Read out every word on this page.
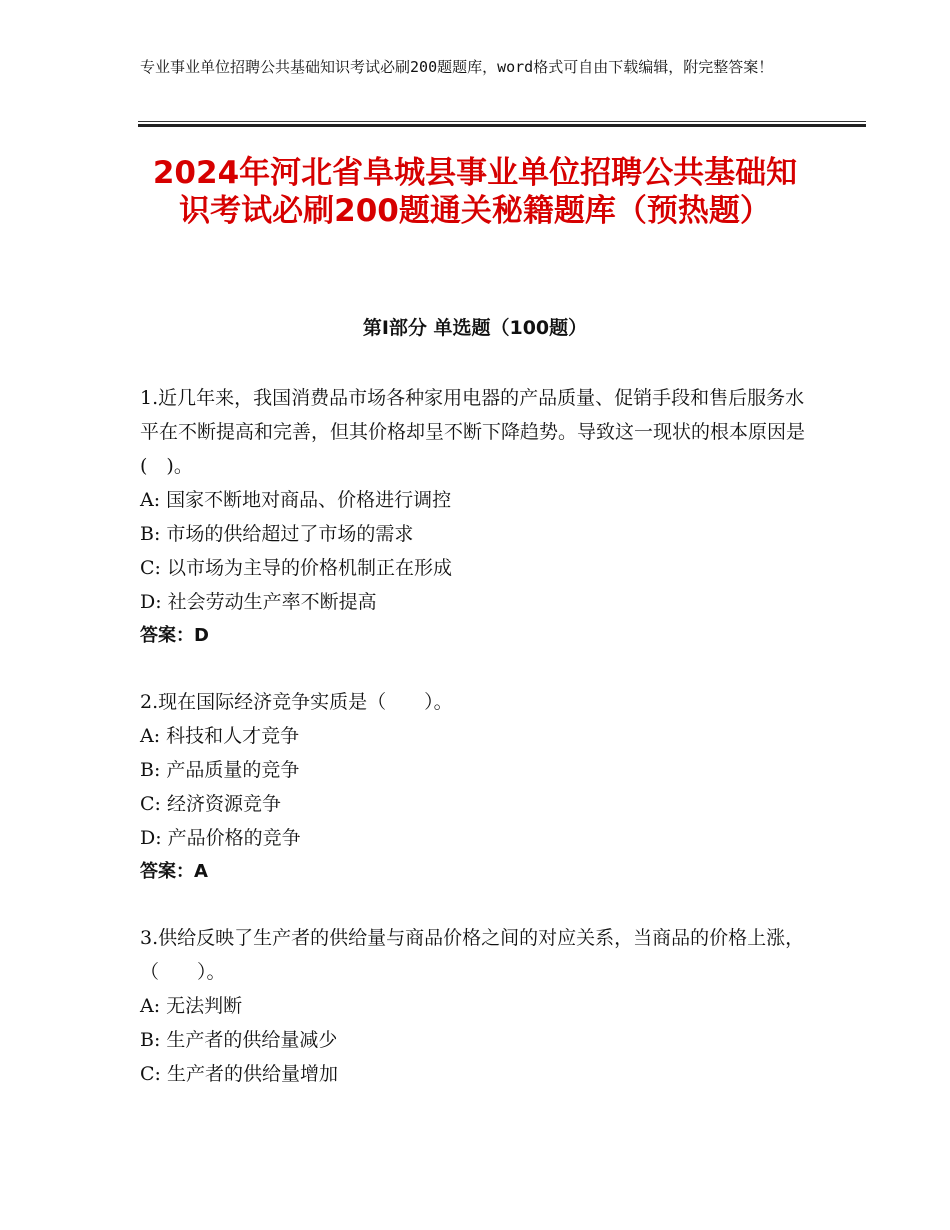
专业事业单位招聘公共基础知识考试必刷200题题库，word格式可自由下载编辑，附完整答案！
2024年河北省阜城县事业单位招聘公共基础知识考试必刷200题通关秘籍题库（预热题）
第Ⅰ部分 单选题（100题）

1.近几年来，我国消费品市场各种家用电器的产品质量、促销手段和售后服务水平在不断提高和完善，但其价格却呈不断下降趋势。导致这一现状的根本原因是(　)。

A: 国家不断地对商品、价格进行调控

B: 市场的供给超过了市场的需求

C: 以市场为主导的价格机制正在形成

D: 社会劳动生产率不断提高

答案：D

2.现在国际经济竞争实质是（　　）。

A: 科技和人才竞争

B: 产品质量的竞争

C: 经济资源竞争

D: 产品价格的竞争

答案：A

3.供给反映了生产者的供给量与商品价格之间的对应关系，当商品的价格上涨，（　　）。

A: 无法判断

B: 生产者的供给量减少

C: 生产者的供给量增加
